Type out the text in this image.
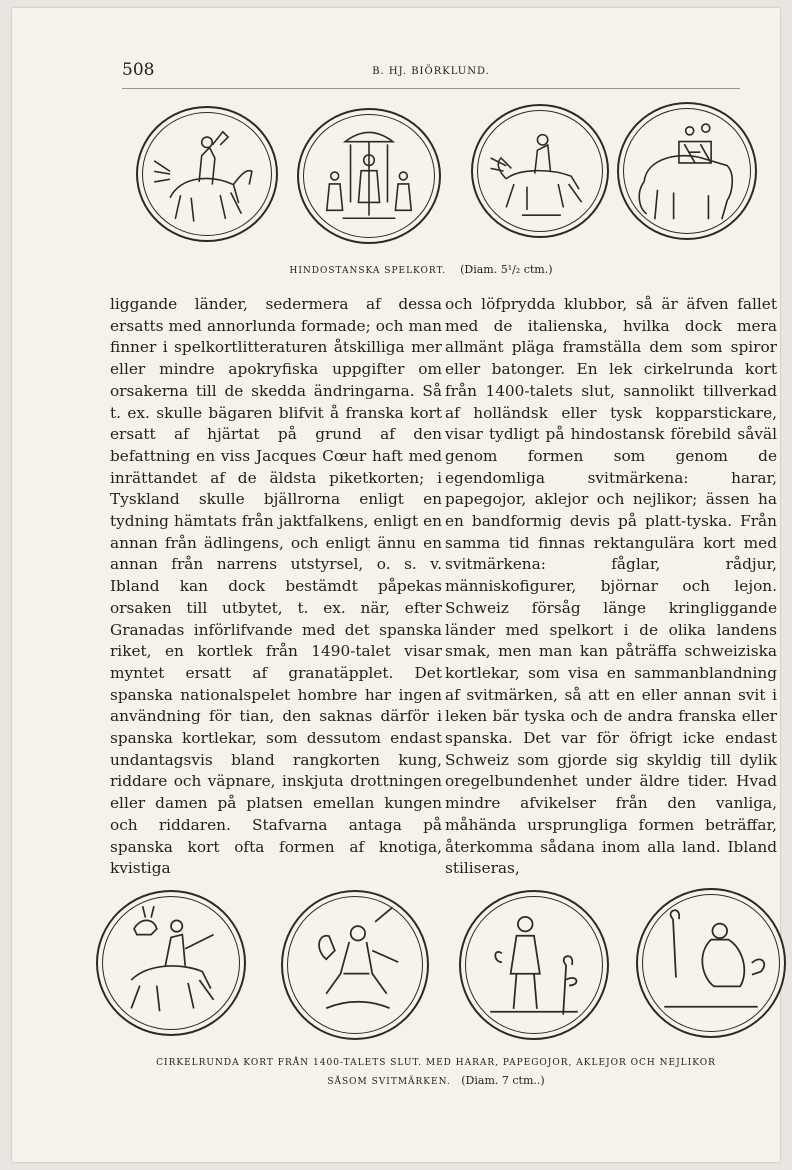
508	B. HJ. BIÖRKLUND.
HINDOSTANSKA SPELKORT. (Diam. 5¹/₂ ctm.)

liggande länder, sedermera af dessa ersatts med annorlunda formade; och man finner i spelkortlitteraturen åtskilliga mer eller mindre apokryfiska uppgifter om orsakerna till de skedda ändringarna. Så t. ex. skulle bägaren blifvit å franska kort ersatt af hjärtat på grund af den befattning en viss Jacques Cœur haft med inrättandet af de äldsta piketkorten; i Tyskland skulle bjällrorna enligt en tydning hämtats från jaktfalkens, enligt en annan från ädlingens, och enligt ännu en annan från narrens utstyrsel, o. s. v. Ibland kan dock bestämdt påpekas orsaken till utbytet, t. ex. när, efter Granadas införlifvande med det spanska riket, en kortlek från 1490-talet visar myntet ersatt af granatäpplet. Det spanska nationalspelet hombre har ingen användning för tian, den saknas därför i spanska kortlekar, som dessutom endast undantagsvis bland rangkorten kung, riddare och väpnare, inskjuta drottningen eller damen på platsen emellan kungen och riddaren. Stafvarna antaga på spanska kort ofta formen af knotiga, kvistiga

och löfprydda klubbor, så är äfven fallet med de italienska, hvilka dock mera allmänt pläga framställa dem som spiror eller batonger. En lek cirkelrunda kort från 1400-talets slut, sannolikt tillverkad af holländsk eller tysk kopparstickare, visar tydligt på hindostansk förebild såväl genom formen som genom de egendomliga svitmärkena: harar, papegojor, aklejor och nejlikor; ässen ha en bandformig devis på platt-tyska. Från samma tid finnas rektangulära kort med svitmärkena: fåglar, rådjur, människofigurer, björnar och lejon. Schweiz försåg länge kringliggande länder med spelkort i de olika landens smak, men man kan påträffa schweiziska kortlekar, som visa en sammanblandning af svitmärken, så att en eller annan svit i leken bär tyska och de andra franska eller spanska. Det var för öfrigt icke endast Schweiz som gjorde sig skyldig till dylik oregelbundenhet under äldre tider. Hvad mindre afvikelser från den vanliga, måhända ursprungliga formen beträffar, återkomma sådana inom alla land. Ibland stiliseras,

CIRKELRUNDA KORT FRÅN 1400-TALETS SLUT. MED HARAR, PAPEGOJOR, AKLEJOR OCH NEJLIKOR
SÅSOM SVITMÄRKEN. (Diam. 7 ctm..)
